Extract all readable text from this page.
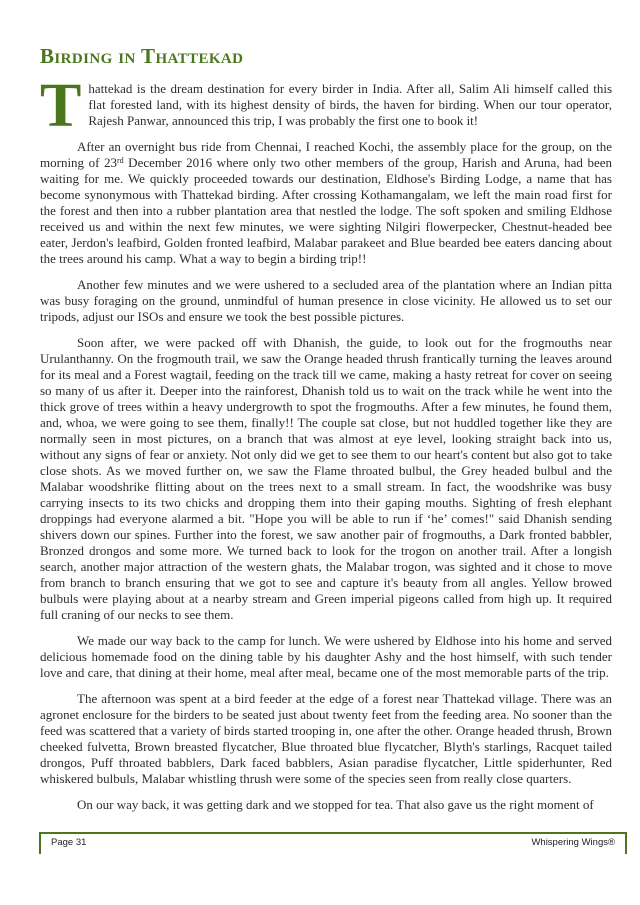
Birding in Thattekad

Thattekad is the dream destination for every birder in India. After all, Salim Ali himself called this flat forested land, with its highest density of birds, the haven for birding. When our tour operator, Rajesh Panwar, announced this trip, I was probably the first one to book it!

After an overnight bus ride from Chennai, I reached Kochi, the assembly place for the group, on the morning of 23rd December 2016 where only two other members of the group, Harish and Aruna, had been waiting for me. We quickly proceeded towards our destination, Eldhose's Birding Lodge, a name that has become synonymous with Thattekad birding. After crossing Kothamangalam, we left the main road first for the forest and then into a rubber plantation area that nestled the lodge. The soft spoken and smiling Eldhose received us and within the next few minutes, we were sighting Nilgiri flowerpecker, Chestnut-headed bee eater, Jerdon's leafbird, Golden fronted leafbird, Malabar parakeet and Blue bearded bee eaters dancing about the trees around his camp. What a way to begin a birding trip!!

Another few minutes and we were ushered to a secluded area of the plantation where an Indian pitta was busy foraging on the ground, unmindful of human presence in close vicinity. He allowed us to set our tripods, adjust our ISOs and ensure we took the best possible pictures.

Soon after, we were packed off with Dhanish, the guide, to look out for the frogmouths near Urulanthanny. On the frogmouth trail, we saw the Orange headed thrush frantically turning the leaves around for its meal and a Forest wagtail, feeding on the track till we came, making a hasty retreat for cover on seeing so many of us after it. Deeper into the rainforest, Dhanish told us to wait on the track while he went into the thick grove of trees within a heavy undergrowth to spot the frogmouths. After a few minutes, he found them, and, whoa, we were going to see them, finally!! The couple sat close, but not huddled together like they are normally seen in most pictures, on a branch that was almost at eye level, looking straight back into us, without any signs of fear or anxiety. Not only did we get to see them to our heart's content but also got to take close shots. As we moved further on, we saw the Flame throated bulbul, the Grey headed bulbul and the Malabar woodshrike flitting about on the trees next to a small stream. In fact, the woodshrike was busy carrying insects to its two chicks and dropping them into their gaping mouths. Sighting of fresh elephant droppings had everyone alarmed a bit. "Hope you will be able to run if ‘he’ comes!" said Dhanish sending shivers down our spines. Further into the forest, we saw another pair of frogmouths, a Dark fronted babbler, Bronzed drongos and some more. We turned back to look for the trogon on another trail. After a longish search, another major attraction of the western ghats, the Malabar trogon, was sighted and it chose to move from branch to branch ensuring that we got to see and capture it's beauty from all angles. Yellow browed bulbuls were playing about at a nearby stream and Green imperial pigeons called from high up. It required full craning of our necks to see them.

We made our way back to the camp for lunch. We were ushered by Eldhose into his home and served delicious homemade food on the dining table by his daughter Ashy and the host himself, with such tender love and care, that dining at their home, meal after meal, became one of the most memorable parts of the trip.

The afternoon was spent at a bird feeder at the edge of a forest near Thattekad village. There was an agronet enclosure for the birders to be seated just about twenty feet from the feeding area. No sooner than the feed was scattered that a variety of birds started trooping in, one after the other. Orange headed thrush, Brown cheeked fulvetta, Brown breasted flycatcher, Blue throated blue flycatcher, Blyth's starlings, Racquet tailed drongos, Puff throated babblers, Dark faced babblers, Asian paradise flycatcher, Little spiderhunter, Red whiskered bulbuls, Malabar whistling thrush were some of the species seen from really close quarters.

On our way back, it was getting dark and we stopped for tea. That also gave us the right moment of

Page 31	Whispering Wings®
